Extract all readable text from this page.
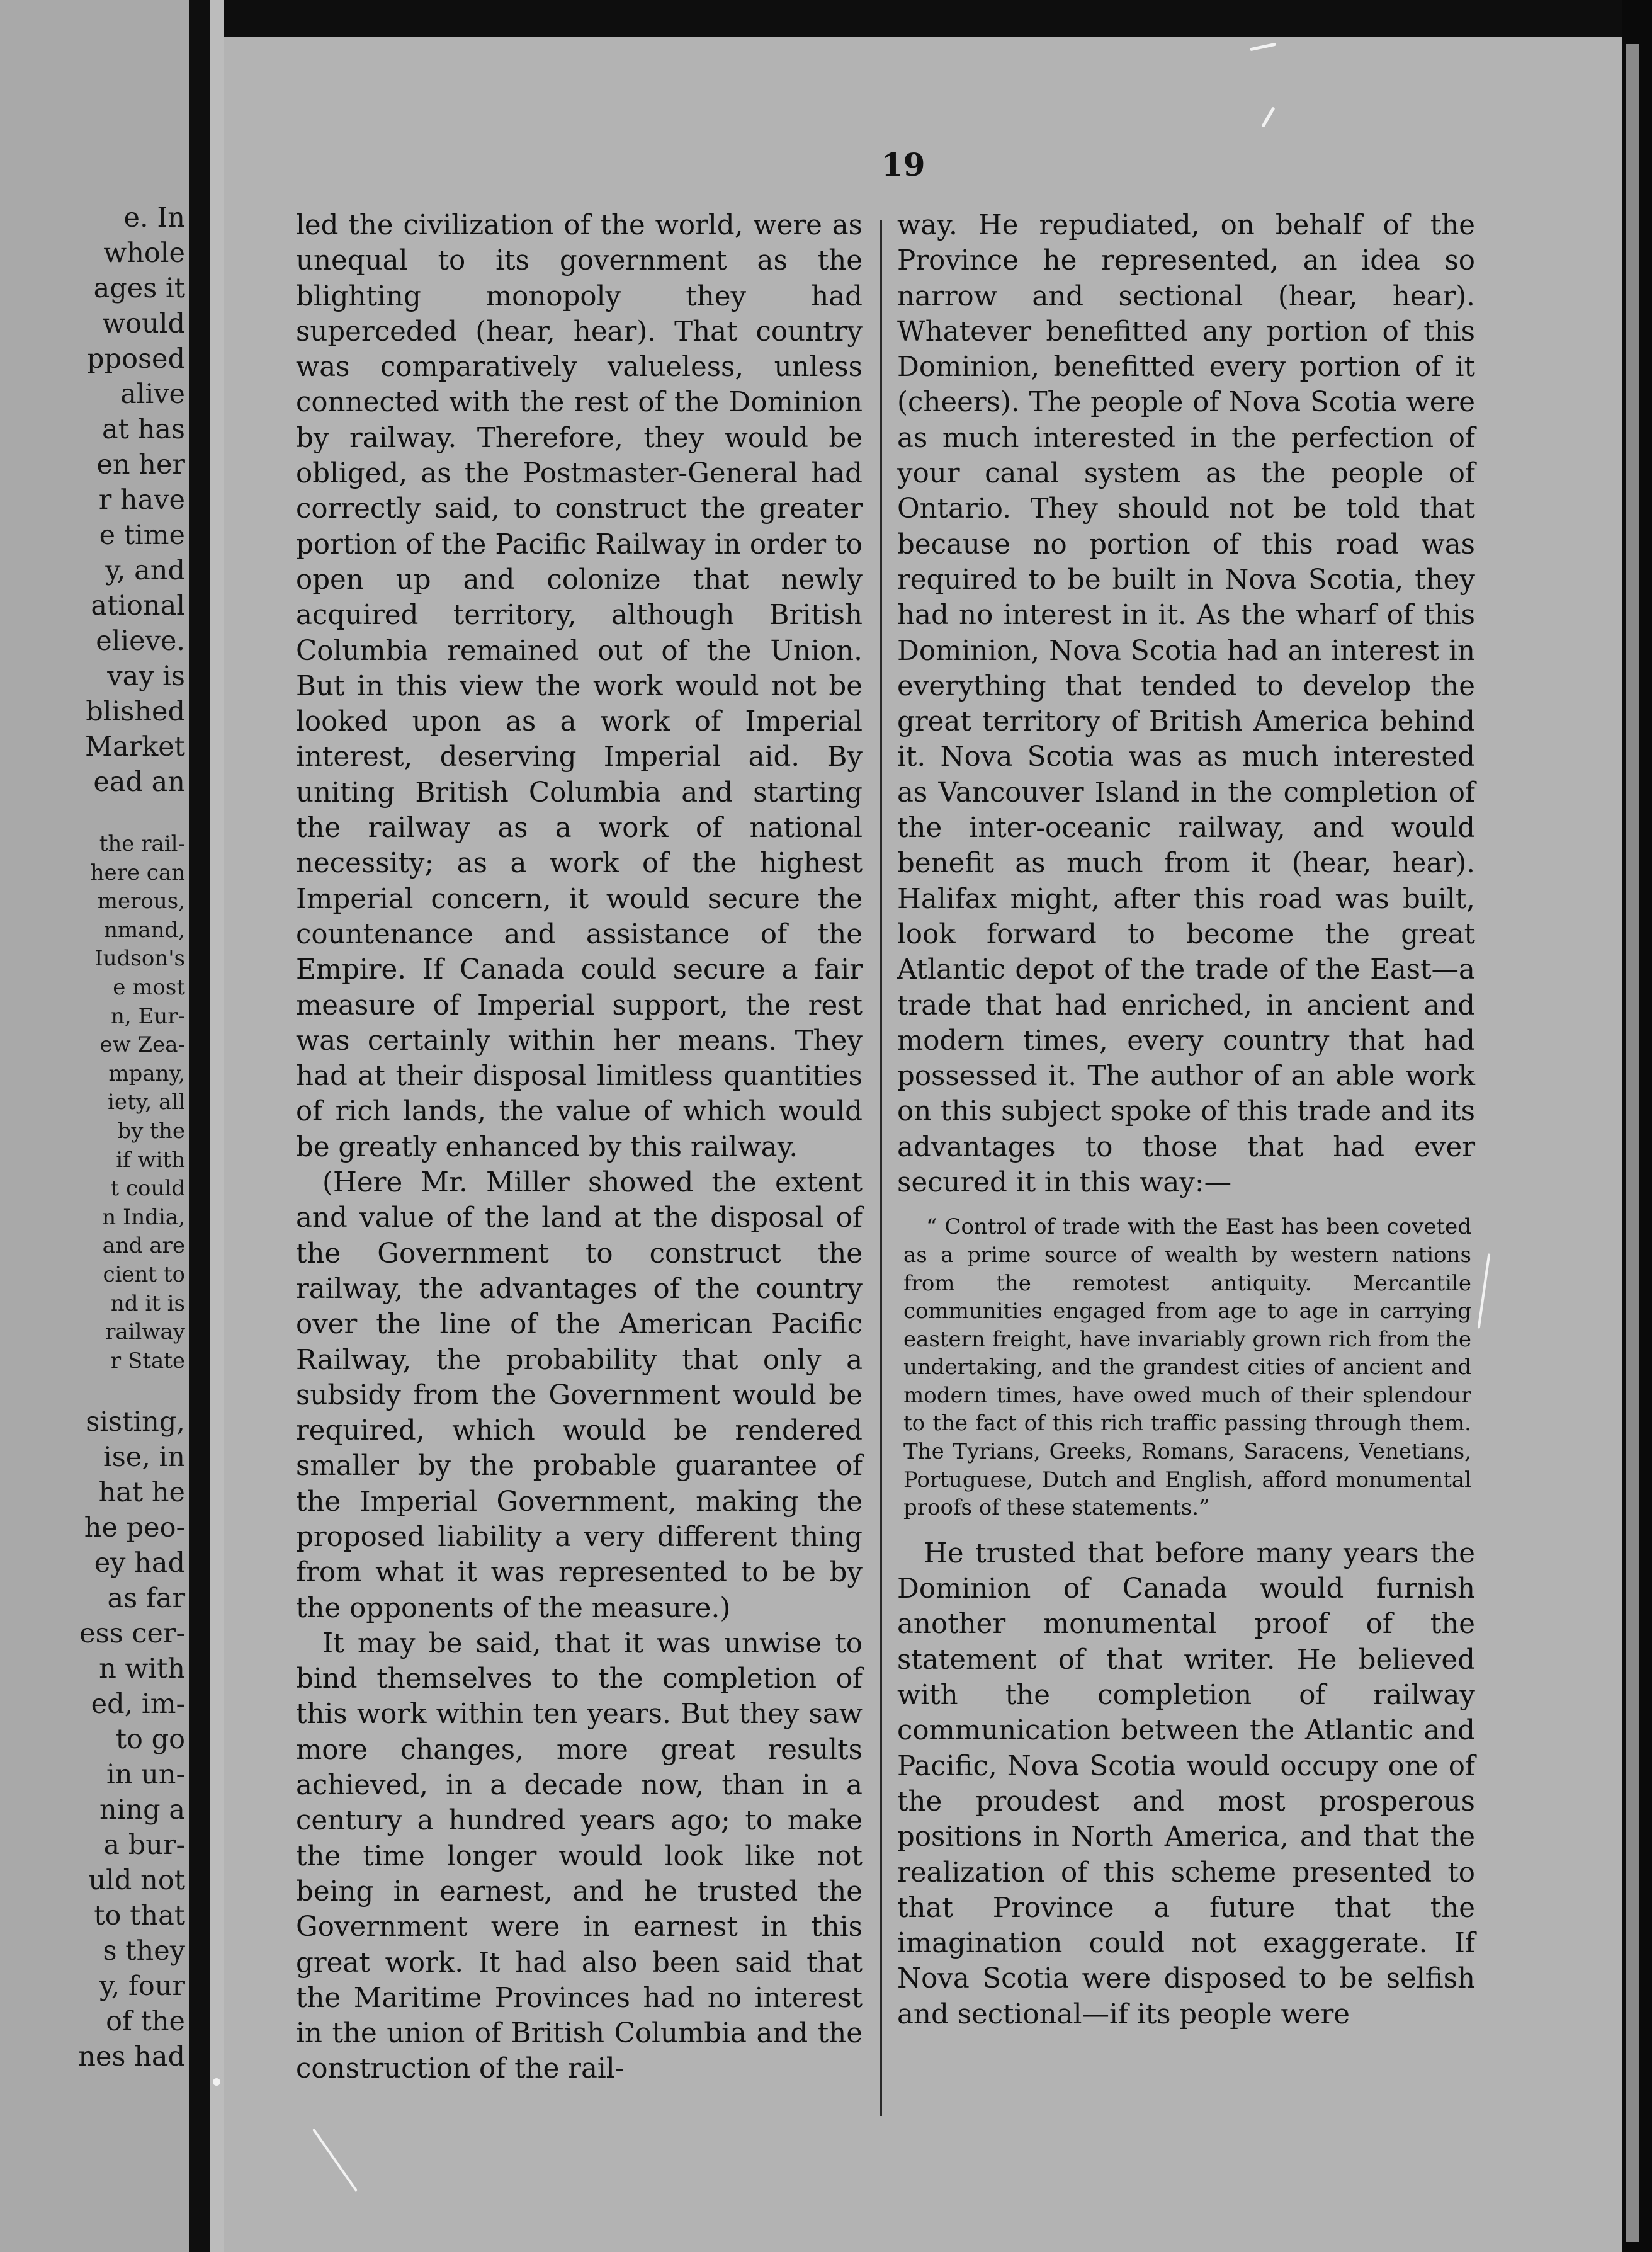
e. In
whole
ages it
would
pposed
alive
at has
en her
r have
e time
y, and
ational
elieve.
vay is
blished
Market
ead an
the rail-
here can
merous,
nmand,
Iudson's
e most
n, Eur-
ew Zea-
mpany,
iety, all
by the
if with
t could
n India,
and are
cient to
nd it is
railway
r State
sisting,
ise, in
hat he
he peo-
ey had
as far
ess cer-
n with
ed, im-
to go
in un-
ning a
a bur-
uld not
to that
s they
y, four
of the
nes had
19

led the civilization of the world, were as unequal to its government as the blighting monopoly they had superceded (hear, hear). That country was comparatively valueless, unless connected with the rest of the Dominion by railway. Therefore, they would be obliged, as the Postmaster-General had correctly said, to construct the greater portion of the Pacific Railway in order to open up and colonize that newly acquired territory, although British Columbia remained out of the Union. But in this view the work would not be looked upon as a work of Imperial interest, deserving Imperial aid. By uniting British Columbia and starting the railway as a work of national necessity; as a work of the highest Imperial concern, it would secure the countenance and assistance of the Empire. If Canada could secure a fair measure of Imperial support, the rest was certainly within her means. They had at their disposal limitless quantities of rich lands, the value of which would be greatly enhanced by this railway.

(Here Mr. Miller showed the extent and value of the land at the disposal of the Government to construct the railway, the advantages of the country over the line of the American Pacific Railway, the probability that only a subsidy from the Government would be required, which would be rendered smaller by the probable guarantee of the Imperial Government, making the proposed liability a very different thing from what it was represented to be by the opponents of the measure.)

It may be said, that it was unwise to bind themselves to the completion of this work within ten years. But they saw more changes, more great results achieved, in a decade now, than in a century a hundred years ago; to make the time longer would look like not being in earnest, and he trusted the Government were in earnest in this great work. It had also been said that the Maritime Provinces had no interest in the union of British Columbia and the construction of the rail-

way. He repudiated, on behalf of the Province he represented, an idea so narrow and sectional (hear, hear). Whatever benefitted any portion of this Dominion, benefitted every portion of it (cheers). The people of Nova Scotia were as much interested in the perfection of your canal system as the people of Ontario. They should not be told that because no portion of this road was required to be built in Nova Scotia, they had no interest in it. As the wharf of this Dominion, Nova Scotia had an interest in everything that tended to develop the great territory of British America behind it. Nova Scotia was as much interested as Vancouver Island in the completion of the inter-oceanic railway, and would benefit as much from it (hear, hear). Halifax might, after this road was built, look forward to become the great Atlantic depot of the trade of the East—a trade that had enriched, in ancient and modern times, every country that had possessed it. The author of an able work on this subject spoke of this trade and its advantages to those that had ever secured it in this way:—

“ Control of trade with the East has been coveted as a prime source of wealth by western nations from the remotest antiquity. Mercantile communities engaged from age to age in carrying eastern freight, have invariably grown rich from the undertaking, and the grandest cities of ancient and modern times, have owed much of their splendour to the fact of this rich traffic passing through them. The Tyrians, Greeks, Romans, Saracens, Venetians, Portuguese, Dutch and English, afford monumental proofs of these statements.”

He trusted that before many years the Dominion of Canada would furnish another monumental proof of the statement of that writer. He believed with the completion of railway communication between the Atlantic and Pacific, Nova Scotia would occupy one of the proudest and most prosperous positions in North America, and that the realization of this scheme presented to that Province a future that the imagination could not exaggerate. If Nova Scotia were disposed to be selfish and sectional—if its people were
